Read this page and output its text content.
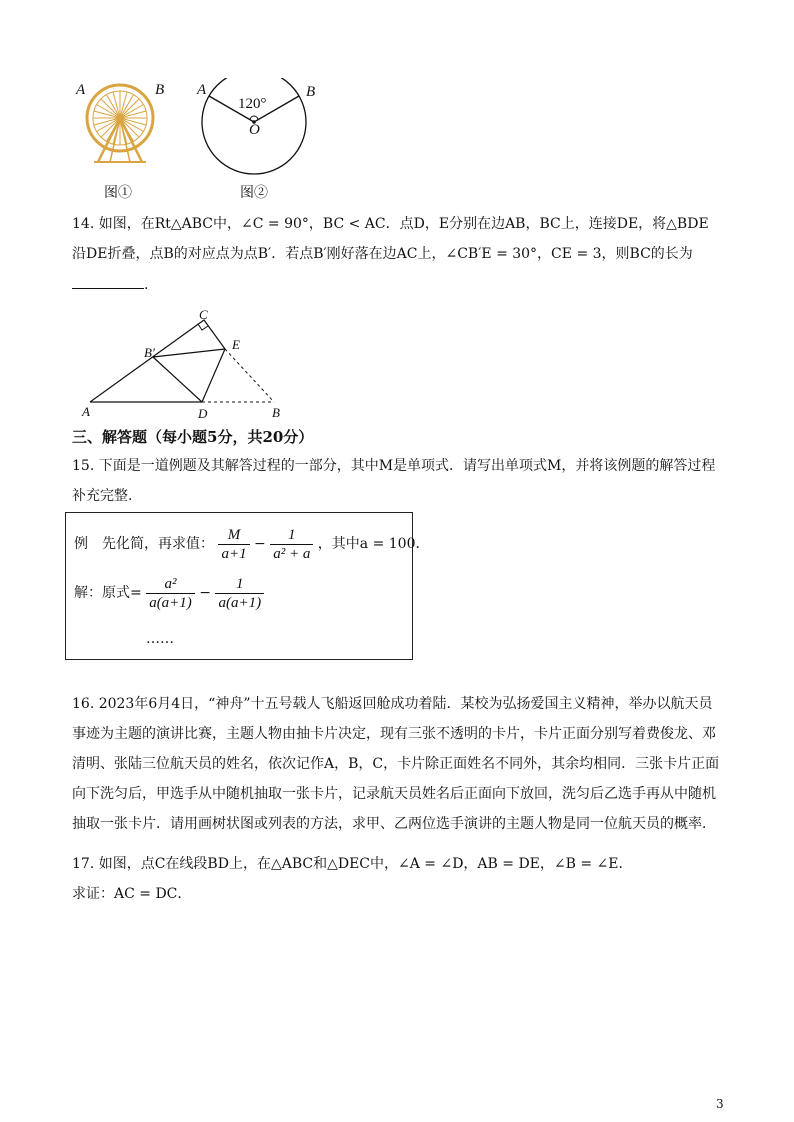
A	B
图①
A	B
120°
O
图②
14. 如图，在Rt△ABC中，∠C = 90°，BC < AC．点D，E分别在边AB，BC上，连接DE，将△BDE
沿DE折叠，点B的对应点为点B′．若点B′刚好落在边AC上，∠CB′E = 30°，CE = 3，则BC的长为
.
C
B′
E
A	D	B
三、解答题（每小题5分，共20分）
15. 下面是一道例题及其解答过程的一部分，其中M是单项式．请写出单项式M，并将该例题的解答过程
补充完整.
例　先化简，再求值： $\frac{M}{a+1} - \frac{1}{\text{a² + a}}$ ，其中a = 100．
解：原式= $\frac{\text{a²}}{a(a+1)} - \frac{1}{a(a+1)}$
……
16. 2023年6月4日，“神舟”十五号载人飞船返回舱成功着陆．某校为弘扬爱国主义精神，举办以航天员
事迹为主题的演讲比赛，主题人物由抽卡片决定，现有三张不透明的卡片，卡片正面分别写着费俊龙、邓
清明、张陆三位航天员的姓名，依次记作A，B，C，卡片除正面姓名不同外，其余均相同．三张卡片正面
向下洗匀后，甲选手从中随机抽取一张卡片，记录航天员姓名后正面向下放回，洗匀后乙选手再从中随机
抽取一张卡片．请用画树状图或列表的方法，求甲、乙两位选手演讲的主题人物是同一位航天员的概率．
17. 如图，点C在线段BD上，在△ABC和△DEC中，∠A = ∠D，AB = DE，∠B = ∠E．
求证：AC = DC．
3
